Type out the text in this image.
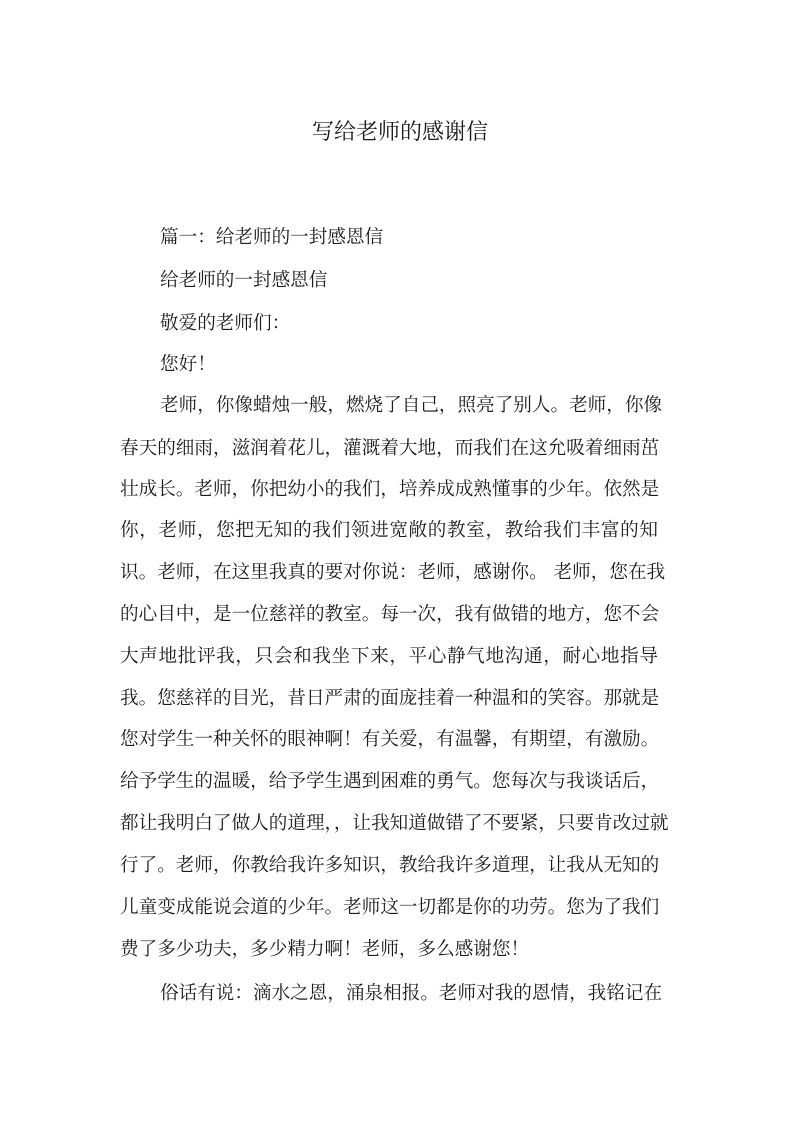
写给老师的感谢信

篇一：给老师的一封感恩信

给老师的一封感恩信

敬爱的老师们：

您好！

老师，你像蜡烛一般，燃烧了自己，照亮了别人。老师，你像

春天的细雨，滋润着花儿，灌溉着大地，而我们在这允吸着细雨茁

壮成长。老师，你把幼小的我们，培养成成熟懂事的少年。依然是

你，老师，您把无知的我们领进宽敞的教室，教给我们丰富的知

识。老师，在这里我真的要对你说：老师，感谢你。 老师，您在我

的心目中，是一位慈祥的教室。每一次，我有做错的地方，您不会

大声地批评我，只会和我坐下来，平心静气地沟通，耐心地指导

我。您慈祥的目光，昔日严肃的面庞挂着一种温和的笑容。那就是

您对学生一种关怀的眼神啊！有关爱，有温馨，有期望，有激励。

给予学生的温暖，给予学生遇到困难的勇气。您每次与我谈话后，

都让我明白了做人的道理，，让我知道做错了不要紧，只要肯改过就

行了。老师，你教给我许多知识，教给我许多道理，让我从无知的

儿童变成能说会道的少年。老师这一切都是你的功劳。您为了我们

费了多少功夫，多少精力啊！老师，多么感谢您！

俗话有说：滴水之恩，涌泉相报。老师对我的恩情，我铭记在
